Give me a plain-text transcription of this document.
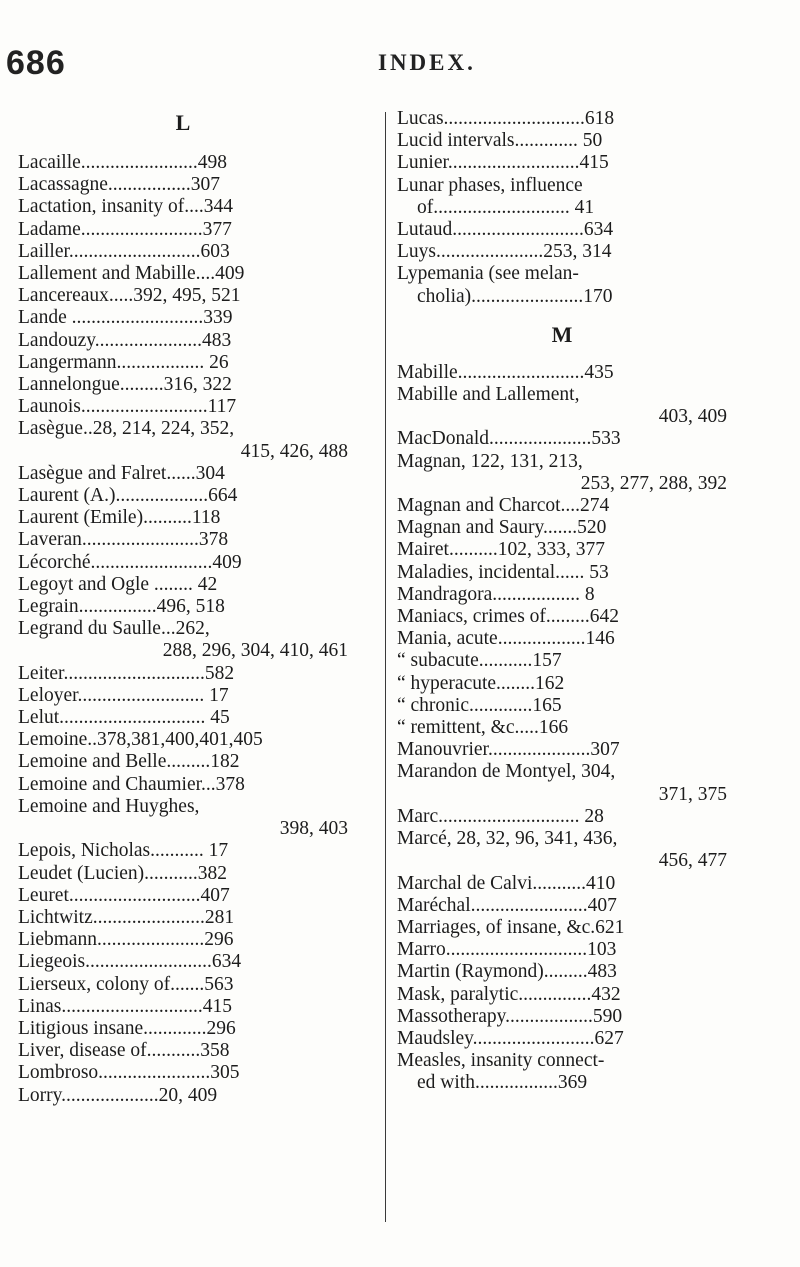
686	INDEX.
L
Lacaille........................498
Lacassagne.................307
Lactation, insanity of....344
Ladame.........................377
Lailler...........................603
Lallement and Mabille....409
Lancereaux.....392, 495, 521
Lande ...........................339
Landouzy......................483
Langermann.................. 26
Lannelongue.........316, 322
Launois..........................117
Lasègue..28, 214, 224, 352,
415, 426, 488
Lasègue and Falret......304
Laurent (A.)...................664
Laurent (Emile)..........118
Laveran........................378
Lécorché.........................409
Legoyt and Ogle ........ 42
Legrain................496, 518
Legrand du Saulle...262,
288, 296, 304, 410, 461
Leiter.............................582
Leloyer.......................... 17
Lelut.............................. 45
Lemoine..378,381,400,401,405
Lemoine and Belle.........182
Lemoine and Chaumier...378
Lemoine and Huyghes,
398, 403
Lepois, Nicholas........... 17
Leudet (Lucien)...........382
Leuret...........................407
Lichtwitz.......................281
Liebmann......................296
Liegeois..........................634
Lierseux, colony of.......563
Linas.............................415
Litigious insane.............296
Liver, disease of...........358
Lombroso.......................305
Lorry....................20, 409
Lucas.............................618
Lucid intervals............. 50
Lunier...........................415
Lunar phases, influence
of............................ 41
Lutaud...........................634
Luys......................253, 314
Lypemania (see melan-
cholia).......................170
M
Mabille..........................435
Mabille and Lallement,
403, 409
MacDonald.....................533
Magnan, 122, 131, 213,
253, 277, 288, 392
Magnan and Charcot....274
Magnan and Saury.......520
Mairet..........102, 333, 377
Maladies, incidental...... 53
Mandragora.................. 8
Maniacs, crimes of.........642
Mania, acute..................146
“ subacute...........157
“ hyperacute........162
“ chronic.............165
“ remittent, &c.....166
Manouvrier.....................307
Marandon de Montyel, 304,
371, 375
Marc............................. 28
Marcé, 28, 32, 96, 341, 436,
456, 477
Marchal de Calvi...........410
Maréchal........................407
Marriages, of insane, &c.621
Marro.............................103
Martin (Raymond).........483
Mask, paralytic...............432
Massotherapy..................590
Maudsley.........................627
Measles, insanity connect-
ed with.................369
